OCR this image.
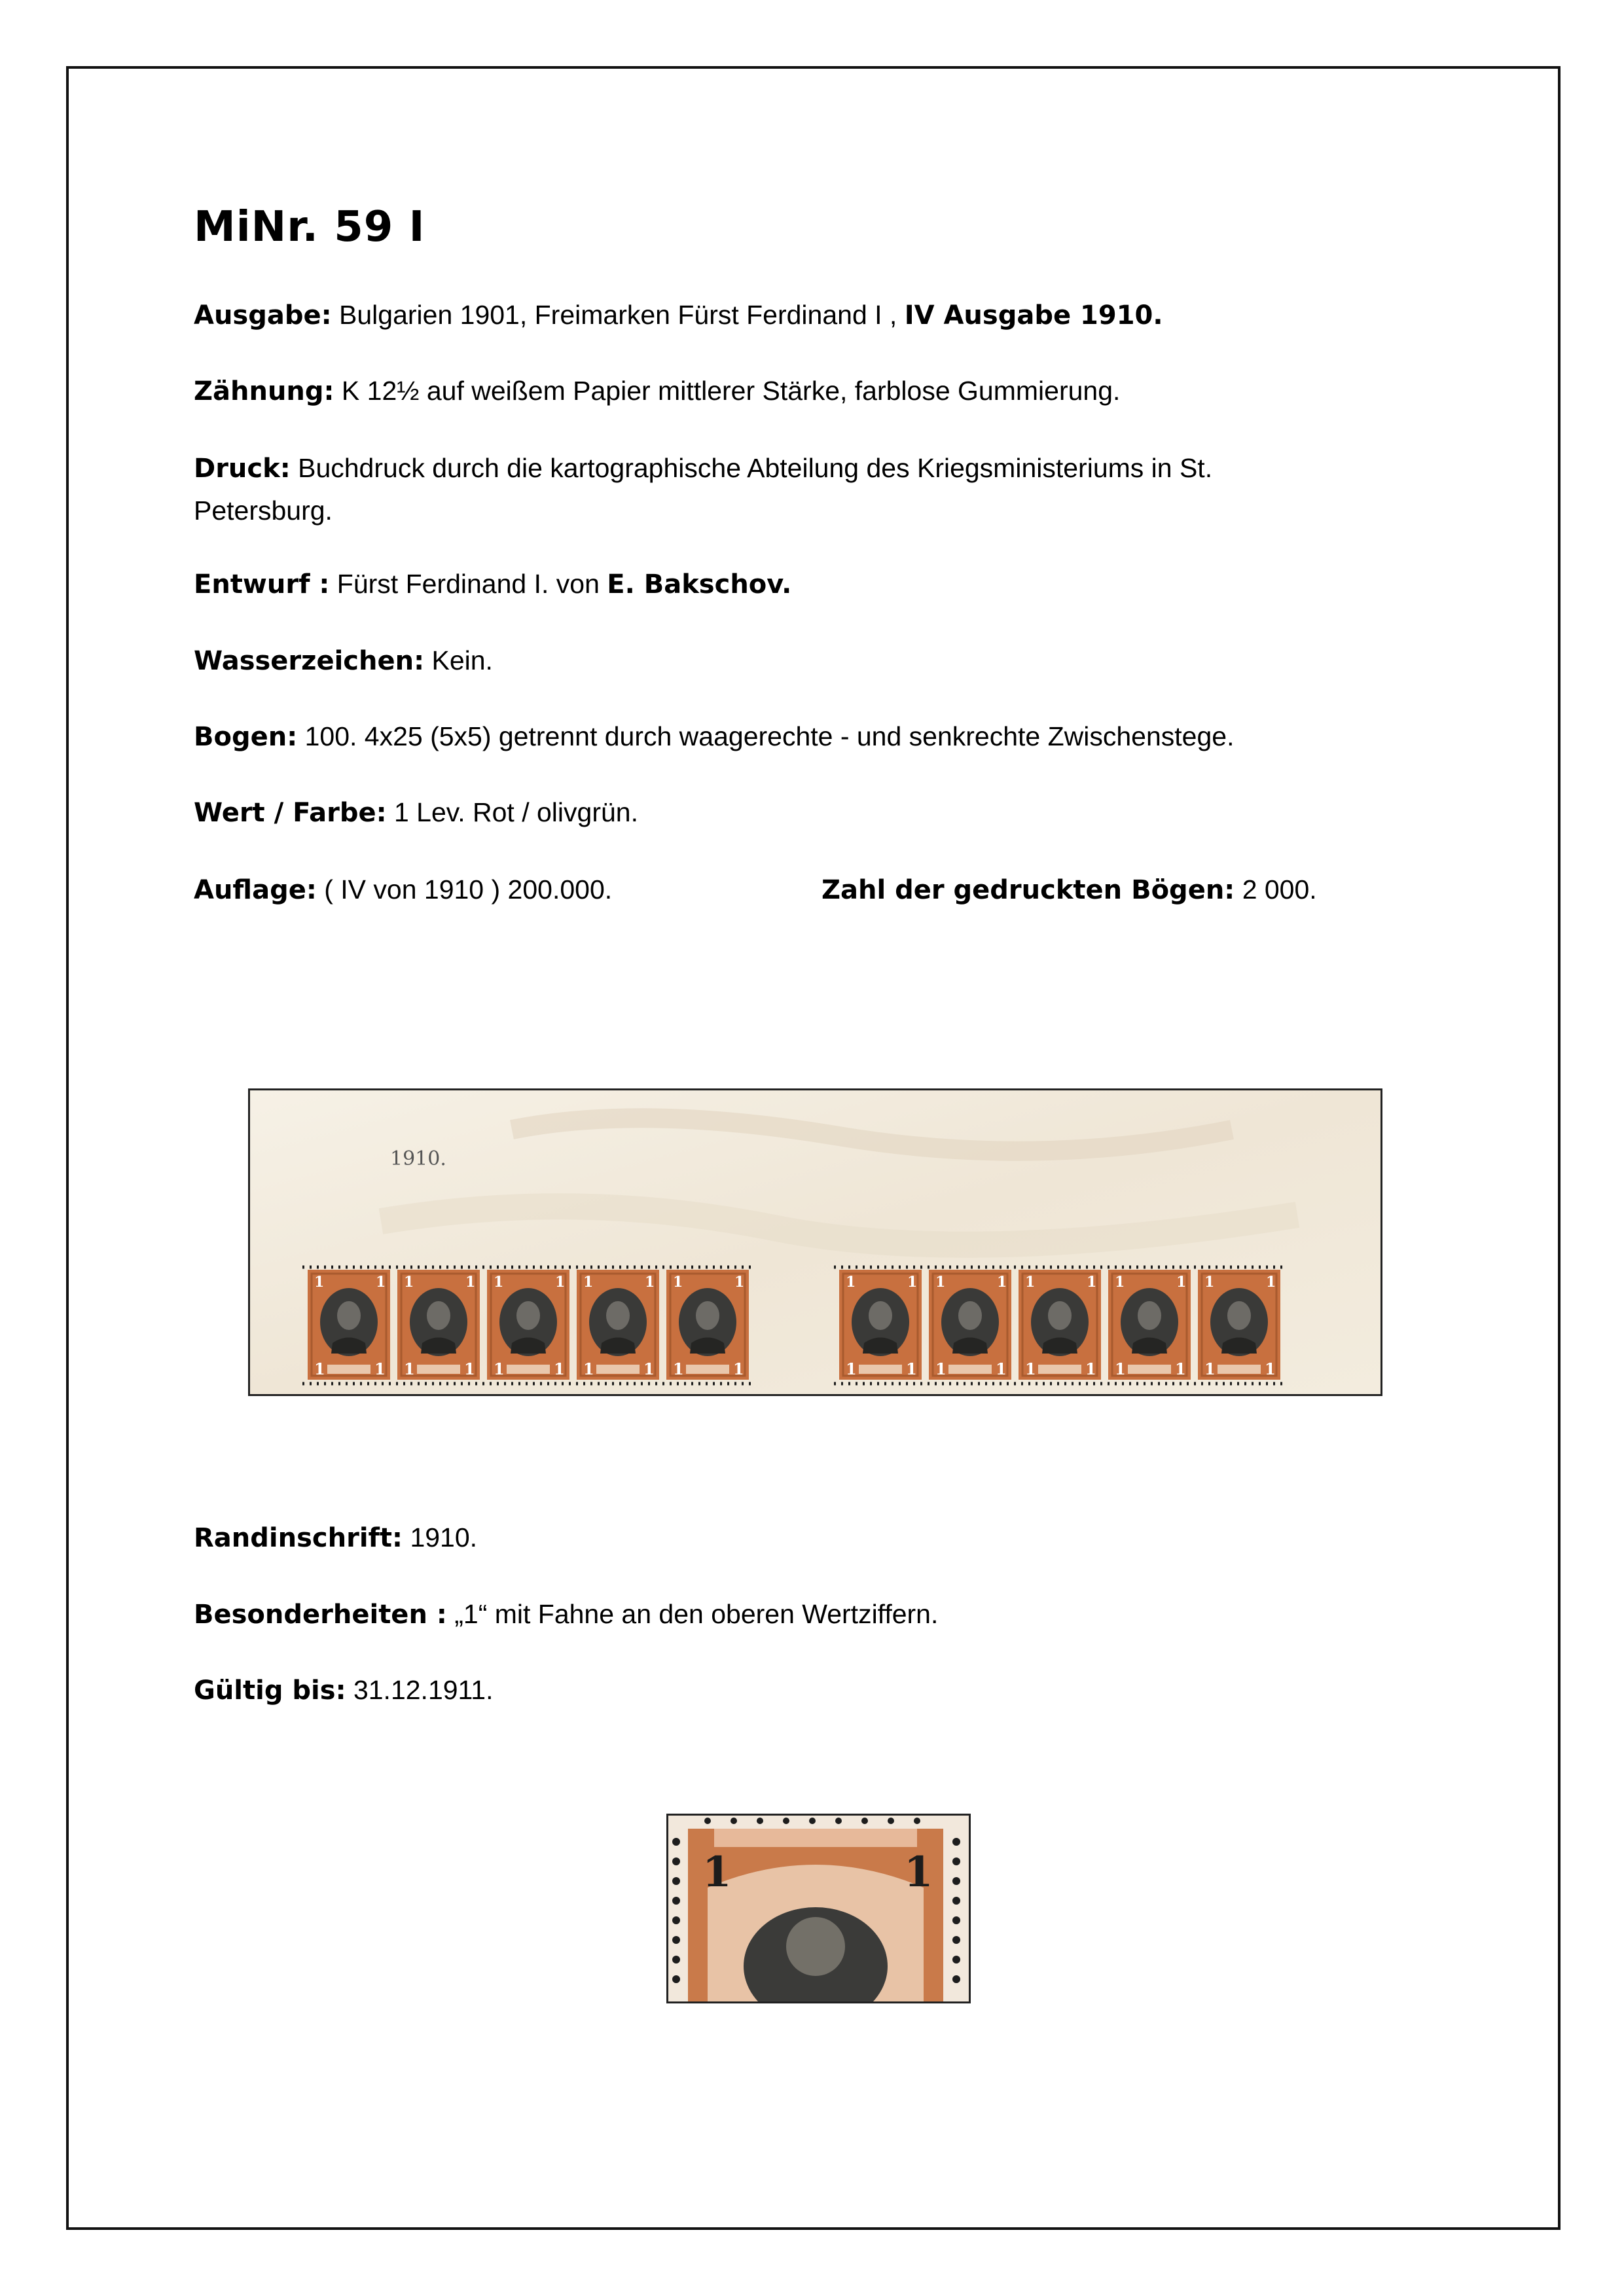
MiNr. 59 I
Ausgabe: Bulgarien 1901, Freimarken Fürst Ferdinand I , IV Ausgabe 1910.
Zähnung: K 12½ auf weißem Papier mittlerer Stärke, farblose Gummierung.
Druck: Buchdruck durch die kartographische Abteilung des Kriegsministeriums in St.
Petersburg.
Entwurf : Fürst Ferdinand I. von E. Bakschov.
Wasserzeichen: Kein.
Bogen: 100. 4x25 (5x5) getrennt durch waagerechte - und senkrechte Zwischenstege.
Wert / Farbe: 1 Lev. Rot / olivgrün.
Auflage: ( IV von 1910 ) 200.000.	Zahl der gedruckten Bögen: 2 000.
1910.
Randinschrift: 1910.
Besonderheiten : „1“ mit Fahne an den oberen Wertziffern.
Gültig bis: 31.12.1911.
1	1
